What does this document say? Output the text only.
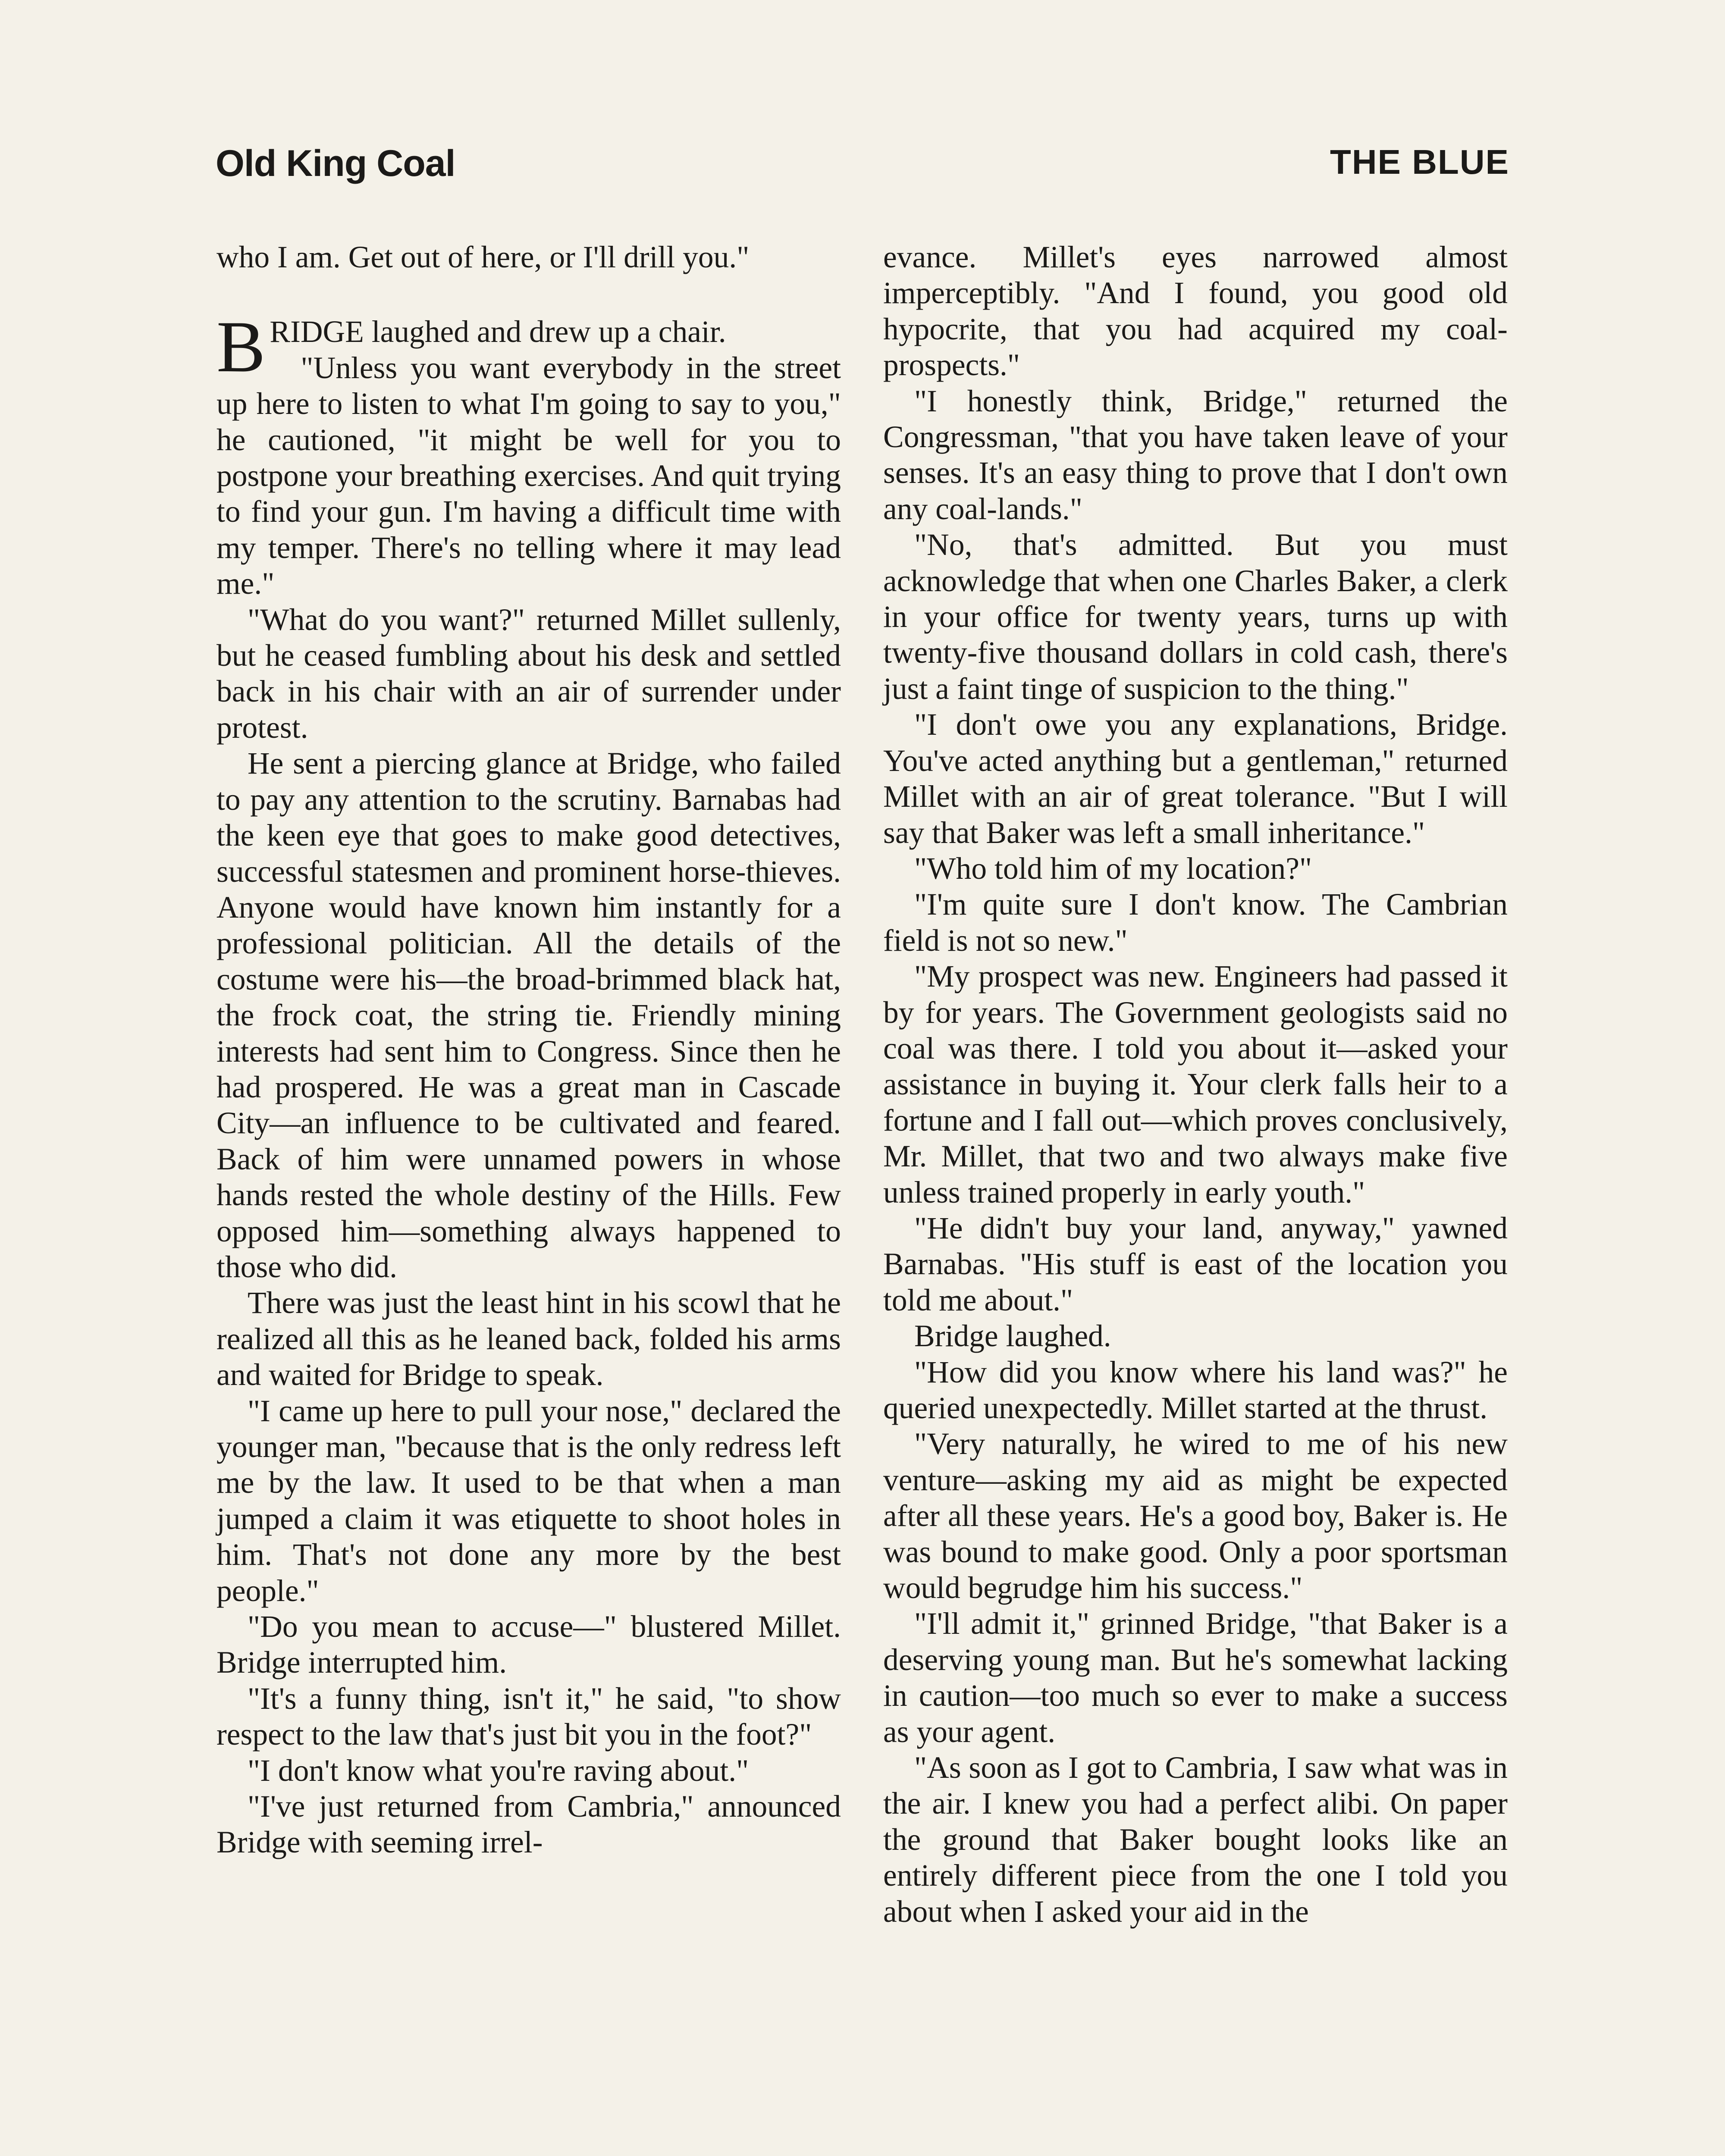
Old King Coal	THE BLUE

who I am. Get out of here, or I'll drill you."

BRIDGE laughed and drew up a chair.

"Unless you want everybody in the street up here to listen to what I'm going to say to you," he cautioned, "it might be well for you to postpone your breathing exercises. And quit trying to find your gun. I'm having a difficult time with my temper. There's no telling where it may lead me."

"What do you want?" returned Millet sullenly, but he ceased fumbling about his desk and settled back in his chair with an air of surrender under protest.

He sent a piercing glance at Bridge, who failed to pay any attention to the scrutiny. Barnabas had the keen eye that goes to make good detectives, successful statesmen and prominent horse-thieves. Anyone would have known him instantly for a professional politician. All the details of the costume were his—the broad-brimmed black hat, the frock coat, the string tie. Friendly mining interests had sent him to Congress. Since then he had prospered. He was a great man in Cascade City—an influence to be cultivated and feared. Back of him were unnamed powers in whose hands rested the whole destiny of the Hills. Few opposed him—something always happened to those who did.

There was just the least hint in his scowl that he realized all this as he leaned back, folded his arms and waited for Bridge to speak.

"I came up here to pull your nose," declared the younger man, "because that is the only redress left me by the law. It used to be that when a man jumped a claim it was etiquette to shoot holes in him. That's not done any more by the best people."

"Do you mean to accuse—" blustered Millet. Bridge interrupted him.

"It's a funny thing, isn't it," he said, "to show respect to the law that's just bit you in the foot?"

"I don't know what you're raving about."

"I've just returned from Cambria," announced Bridge with seeming irrel-

evance. Millet's eyes narrowed almost imperceptibly. "And I found, you good old hypocrite, that you had acquired my coal-prospects."

"I honestly think, Bridge," returned the Congressman, "that you have taken leave of your senses. It's an easy thing to prove that I don't own any coal-lands."

"No, that's admitted. But you must acknowledge that when one Charles Baker, a clerk in your office for twenty years, turns up with twenty-five thousand dollars in cold cash, there's just a faint tinge of suspicion to the thing."

"I don't owe you any explanations, Bridge. You've acted anything but a gentleman," returned Millet with an air of great tolerance. "But I will say that Baker was left a small inheritance."

"Who told him of my location?"

"I'm quite sure I don't know. The Cambrian field is not so new."

"My prospect was new. Engineers had passed it by for years. The Government geologists said no coal was there. I told you about it—asked your assistance in buying it. Your clerk falls heir to a fortune and I fall out—which proves conclusively, Mr. Millet, that two and two always make five unless trained properly in early youth."

"He didn't buy your land, anyway," yawned Barnabas. "His stuff is east of the location you told me about."

Bridge laughed.

"How did you know where his land was?" he queried unexpectedly. Millet started at the thrust.

"Very naturally, he wired to me of his new venture—asking my aid as might be expected after all these years. He's a good boy, Baker is. He was bound to make good. Only a poor sportsman would begrudge him his success."

"I'll admit it," grinned Bridge, "that Baker is a deserving young man. But he's somewhat lacking in caution—too much so ever to make a success as your agent.

"As soon as I got to Cambria, I saw what was in the air. I knew you had a perfect alibi. On paper the ground that Baker bought looks like an entirely different piece from the one I told you about when I asked your aid in the
